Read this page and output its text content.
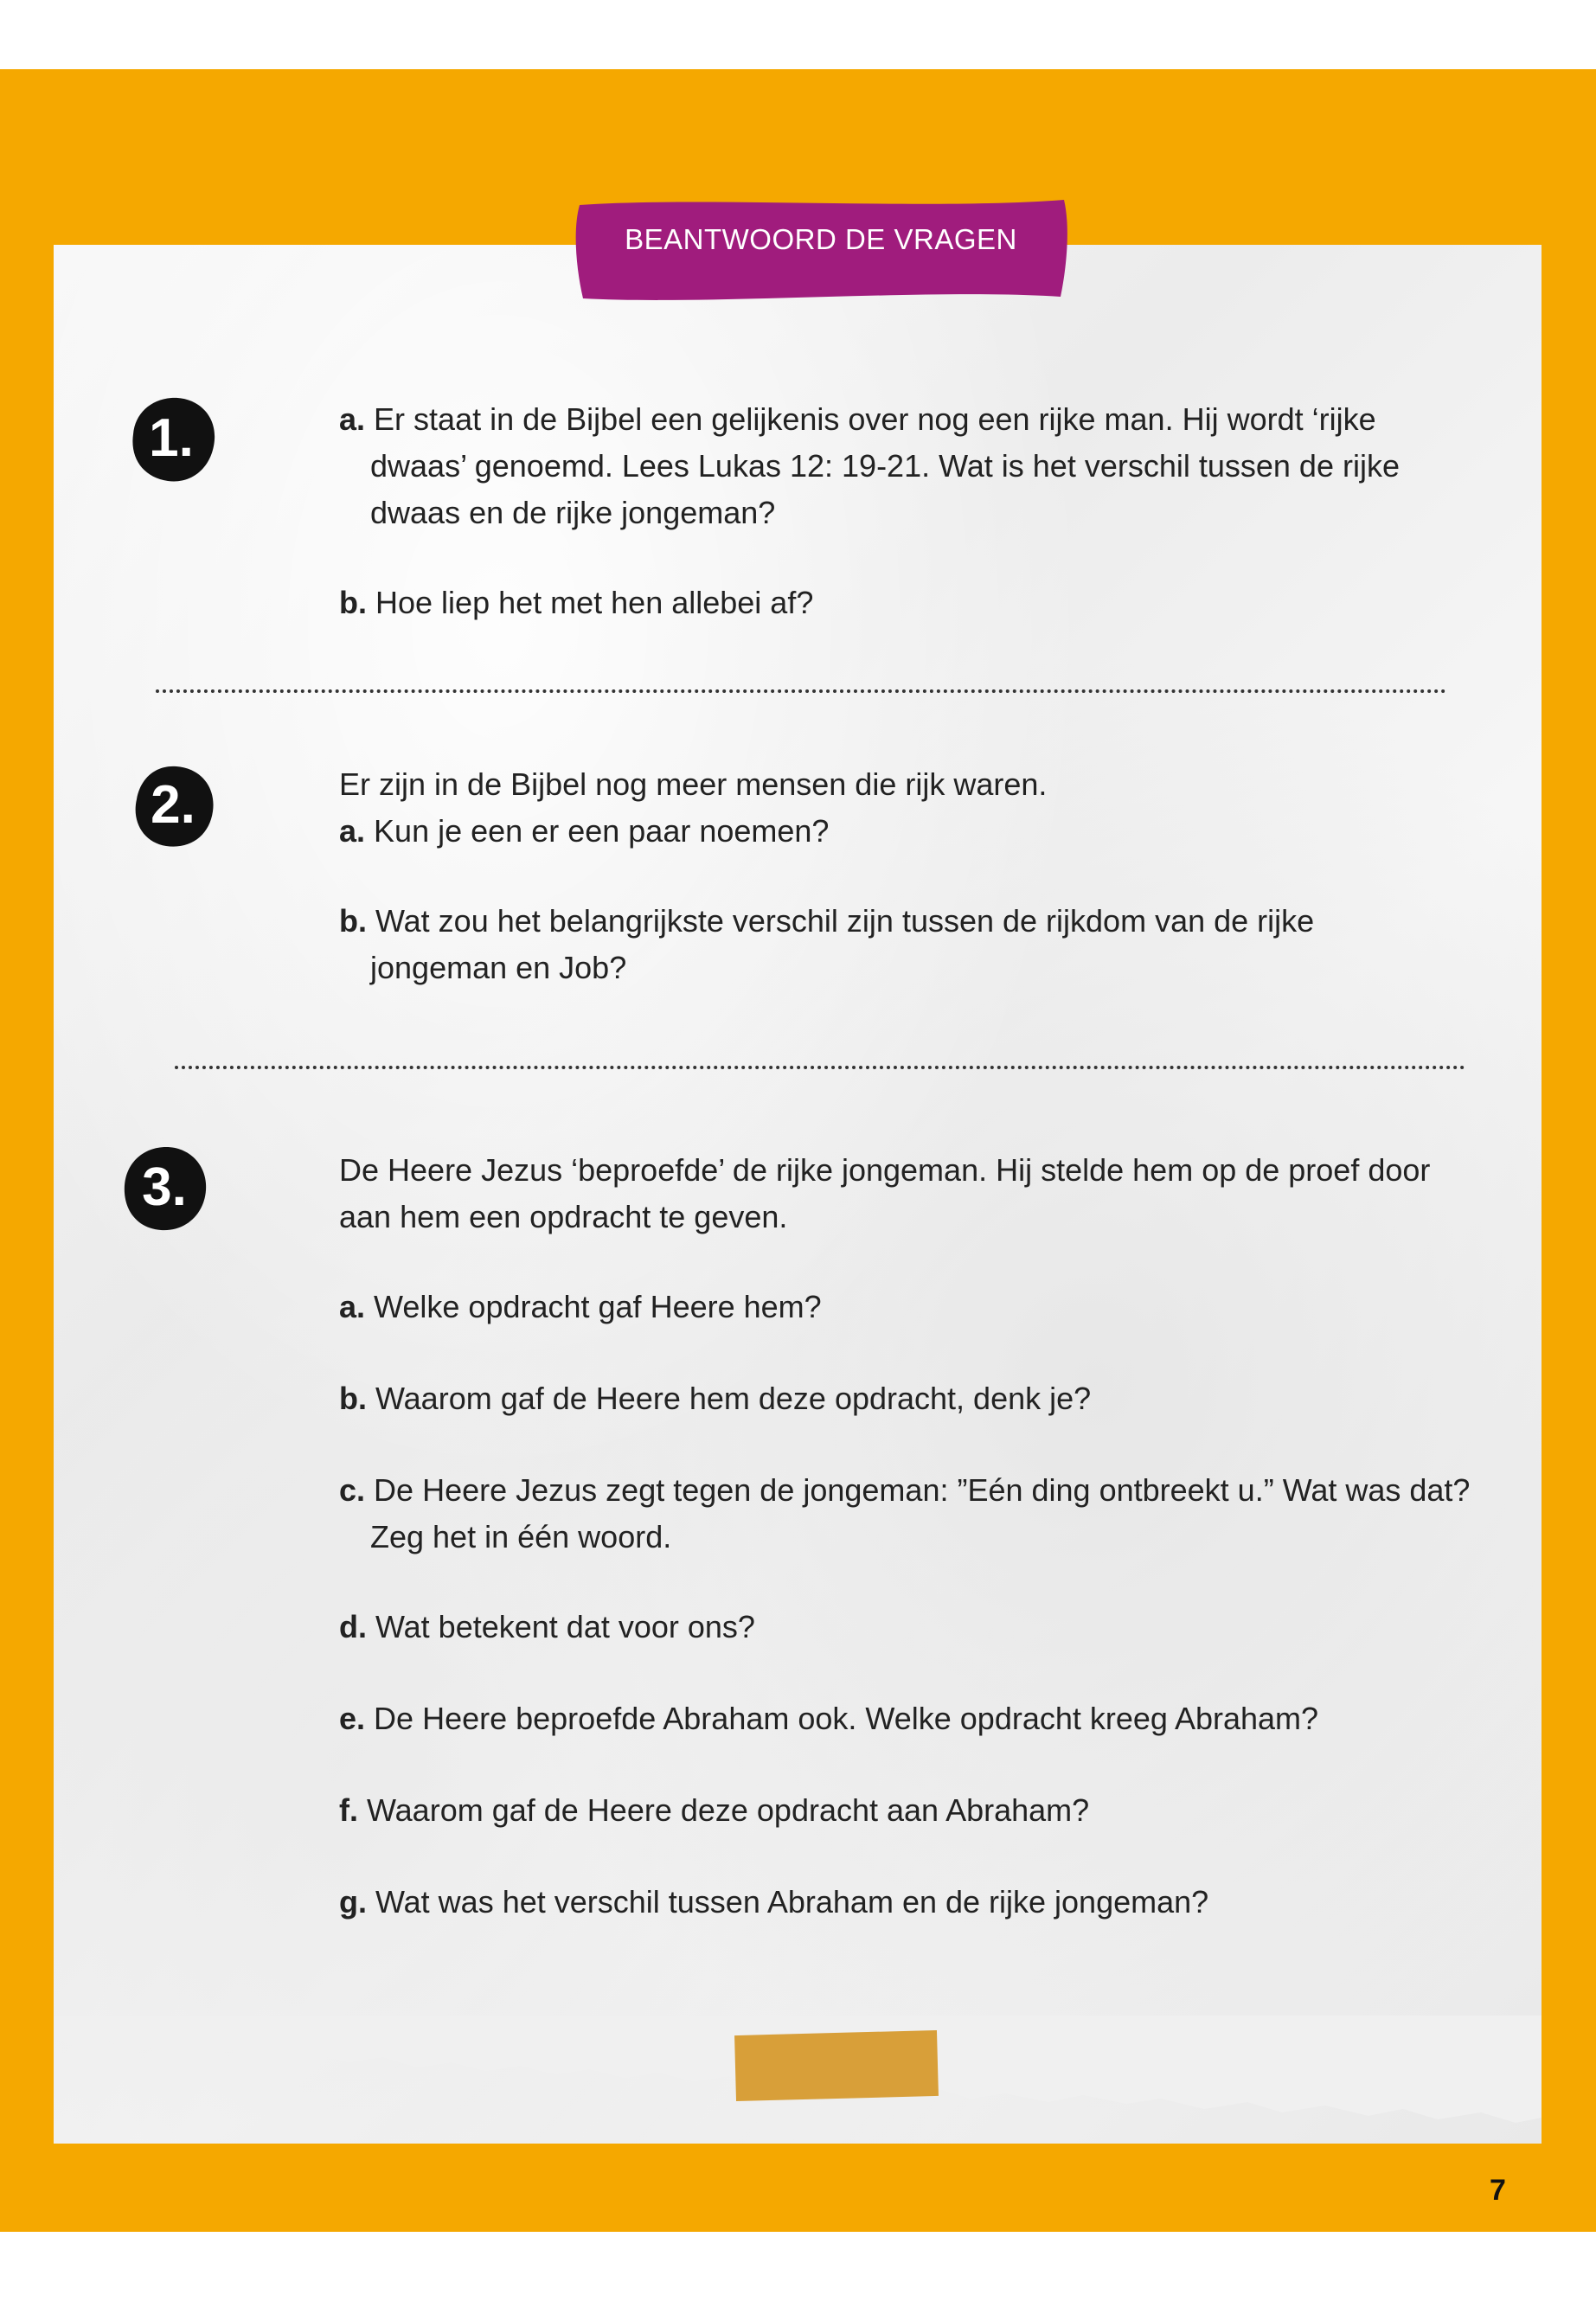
BEANTWOORD DE VRAGEN
1.	a. Er staat in de Bijbel een gelijkenis over nog een rijke man. Hij wordt ‘rijke
dwaas’ genoemd. Lees Lukas 12: 19-21. Wat is het verschil tussen de rijke
dwaas en de rijke jongeman?
b. Hoe liep het met hen allebei af?
2.	Er zijn in de Bijbel nog meer mensen die rijk waren.
a. Kun je een er een paar noemen?
b. Wat zou het belangrijkste verschil zijn tussen de rijkdom van de rijke
jongeman en Job?
3.	De Heere Jezus ‘beproefde’ de rijke jongeman. Hij stelde hem op de proef door
aan hem een opdracht te geven.
a. Welke opdracht gaf Heere hem?
b. Waarom gaf de Heere hem deze opdracht, denk je?
c. De Heere Jezus zegt tegen de jongeman: ”Eén ding ontbreekt u.” Wat was dat?
Zeg het in één woord.
d. Wat betekent dat voor ons?
e. De Heere beproefde Abraham ook. Welke opdracht kreeg Abraham?
f. Waarom gaf de Heere deze opdracht aan Abraham?
g. Wat was het verschil tussen Abraham en de rijke jongeman?
7
